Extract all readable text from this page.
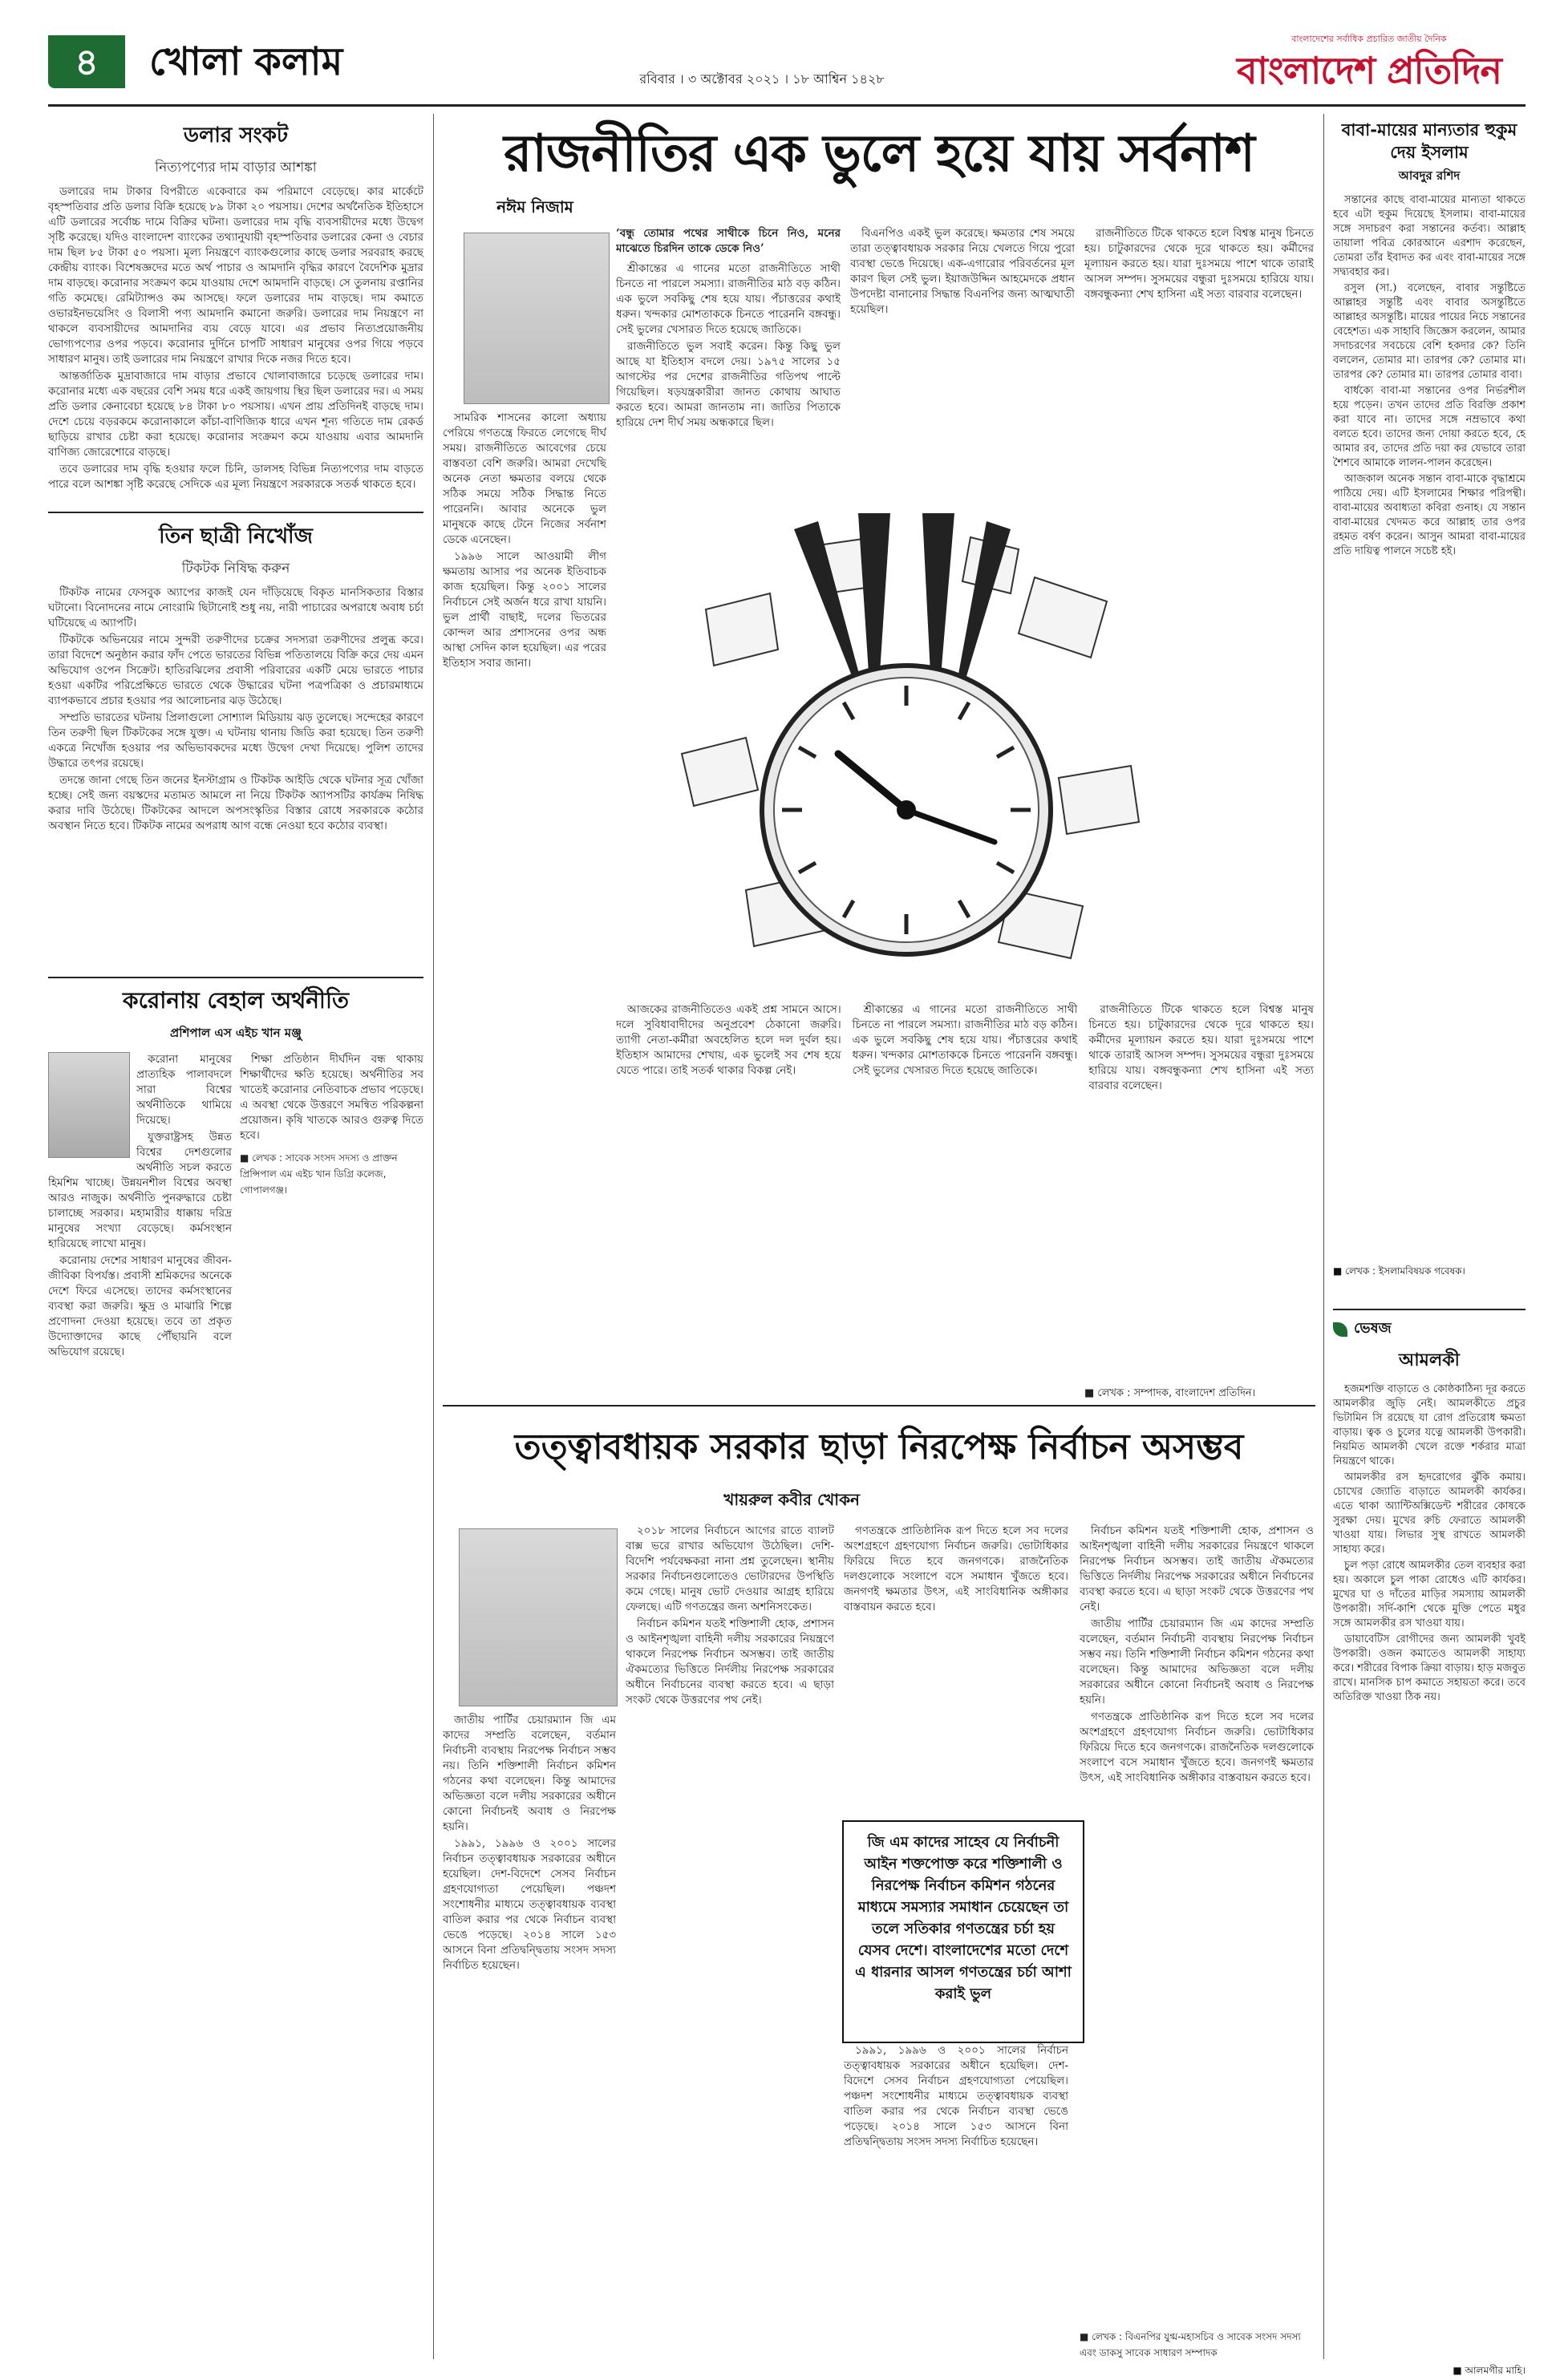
৪	খোলা কলাম	রবিবার । ৩ অক্টোবর ২০২১ । ১৮ আশ্বিন ১৪২৮
বাংলাদেশের সর্বাধিক প্রচারিত জাতীয় দৈনিক
বাংলাদেশ প্রতিদিন
ডলার সংকট
নিত্যপণ্যের দাম বাড়ার আশঙ্কা

ডলারের দাম টাকার বিপরীতে একেবারে কম পরিমাণে বেড়েছে। কার মার্কেটে বৃহস্পতিবার প্রতি ডলার বিক্রি হয়েছে ৮৯ টাকা ২০ পয়সায়। দেশের অর্থনৈতিক ইতিহাসে এটি ডলারের সর্বোচ্চ দামে বিক্রির ঘটনা। ডলারের দাম বৃদ্ধি ব্যবসায়ীদের মধ্যে উদ্বেগ সৃষ্টি করেছে। যদিও বাংলাদেশ ব্যাংকের তথ্যানুযায়ী বৃহস্পতিবার ডলারের কেনা ও বেচার দাম ছিল ৮৫ টাকা ৫০ পয়সা। মূল্য নিয়ন্ত্রণে ব্যাংকগুলোর কাছে ডলার সরবরাহ করছে কেন্দ্রীয় ব্যাংক। বিশেষজ্ঞদের মতে অর্থ পাচার ও আমদানি বৃদ্ধির কারণে বৈদেশিক মুদ্রার দাম বাড়ছে। করোনার সংক্রমণ কমে যাওয়ায় দেশে আমদানি বাড়ছে। সে তুলনায় রপ্তানির গতি কমেছে। রেমিট্যান্সও কম আসছে। ফলে ডলারের দাম বাড়ছে। দাম কমাতে ওভারইনভয়েসিং ও বিলাসী পণ্য আমদানি কমানো জরুরি। ডলারের দাম নিয়ন্ত্রণে না থাকলে ব্যবসায়ীদের আমদানির ব্যয় বেড়ে যাবে। এর প্রভাব নিত্যপ্রয়োজনীয় ভোগ্যপণ্যের ওপর পড়বে। করোনার দুর্দিনে চাপটি সাধারণ মানুষের ওপর গিয়ে পড়বে সাধারণ মানুষ। তাই ডলারের দাম নিয়ন্ত্রণে রাখার দিকে নজর দিতে হবে।

আন্তর্জাতিক মুদ্রাবাজারে দাম বাড়ার প্রভাবে খোলাবাজারে চড়েছে ডলারের দাম। করোনার মধ্যে এক বছরের বেশি সময় ধরে একই জায়গায় স্থির ছিল ডলারের দর। এ সময় প্রতি ডলার কেনাবেচা হয়েছে ৮৪ টাকা ৮০ পয়সায়। এখন প্রায় প্রতিদিনই বাড়ছে দাম। দেশে চেয়ে বড়রকমে করোনাকালে কাঁচা-বাণিজ্যিক ধারে এখন শূন্য গতিতে দাম রেকর্ড ছাড়িয়ে রাখার চেষ্টা করা হয়েছে। করোনার সংক্রমণ কমে যাওয়ায় এবার আমদানি বাণিজ্য জোরেশোরে বাড়ছে।

তবে ডলারের দাম বৃদ্ধি হওয়ার ফলে চিনি, ডালসহ বিভিন্ন নিত্যপণ্যের দাম বাড়তে পারে বলে আশঙ্কা সৃষ্টি করেছে সেদিকে এর মূল্য নিয়ন্ত্রণে সরকারকে সতর্ক থাকতে হবে।

তিন ছাত্রী নিখোঁজ
টিকটক নিষিদ্ধ করুন

টিকটক নামের ফেসবুক অ্যাপের কাজই যেন দাঁড়িয়েছে বিকৃত মানসিকতার বিস্তার ঘটানো। বিনোদনের নামে নোংরামি ছিটানোই শুধু নয়, নারী পাচারের অপরাধে অবাধ চর্চা ঘটিয়েছে এ অ্যাপটি।

টিকটকে অভিনয়ের নামে সুন্দরী তরুণীদের চক্রের সদস্যরা তরুণীদের প্রলুব্ধ করে। তারা বিদেশে অনুষ্ঠান করার ফাঁদ পেতে ভারতের বিভিন্ন পতিতালয়ে বিক্রি করে দেয় এমন অভিযোগ ওপেন সিক্রেট। হাতিরঝিলের প্রবাসী পরিবারের একটি মেয়ে ভারতে পাচার হওয়া একটির পরিপ্রেক্ষিতে ভারতে থেকে উদ্ধারের ঘটনা পত্রপত্রিকা ও প্রচারমাধ্যমে ব্যাপকভাবে প্রচার হওয়ার পর আলোচনার ঝড় উঠেছে।

সম্প্রতি ভারতের ঘটনায় প্রিলাগুলো সোশ্যাল মিডিয়ায় ঝড় তুলেছে। সন্দেহের কারণে তিন তরুণী ছিল টিকটকের সঙ্গে যুক্ত। এ ঘটনায় থানায় জিডি করা হয়েছে। তিন তরুণী একত্রে নিখোঁজ হওয়ার পর অভিভাবকদের মধ্যে উদ্বেগ দেখা দিয়েছে। পুলিশ তাদের উদ্ধারে তৎপর রয়েছে।

তদন্তে জানা গেছে তিন জনের ইনস্টাগ্রাম ও টিকটক আইডি থেকে ঘটনার সূত্র খোঁজা হচ্ছে। সেই জন্য বয়স্কদের মতামত আমলে না নিয়ে টিকটক অ্যাপসটির কার্যক্রম নিষিদ্ধ করার দাবি উঠেছে। টিকটকের আদলে অপসংস্কৃতির বিস্তার রোধে সরকারকে কঠোর অবস্থান নিতে হবে। টিকটক নামের অপরাধ আগ বন্ধে নেওয়া হবে কঠোর ব্যবস্থা।

করোনায় বেহাল অর্থনীতি
প্রশিপাল এস এইচ খান মঞ্জু

করোনা মানুষের প্রাত্যহিক পালাবদলে সারা বিশ্বের অর্থনীতিকে থামিয়ে দিয়েছে।

যুক্তরাষ্ট্রসহ উন্নত বিশ্বের দেশগুলোর অর্থনীতি সচল করতে হিমশিম খাচ্ছে। উন্নয়নশীল বিশ্বের অবস্থা আরও নাজুক। অর্থনীতি পুনরুদ্ধারে চেষ্টা চালাচ্ছে সরকার। মহামারীর ধাক্কায় দরিদ্র মানুষের সংখ্যা বেড়েছে। কর্মসংস্থান হারিয়েছে লাখো মানুষ।

করোনায় দেশের সাধারণ মানুষের জীবন-জীবিকা বিপর্যস্ত। প্রবাসী শ্রমিকদের অনেকে দেশে ফিরে এসেছে। তাদের কর্মসংস্থানের ব্যবস্থা করা জরুরি। ক্ষুদ্র ও মাঝারি শিল্পে প্রণোদনা দেওয়া হয়েছে। তবে তা প্রকৃত উদ্যোক্তাদের কাছে পৌঁছায়নি বলে অভিযোগ রয়েছে।

শিক্ষা প্রতিষ্ঠান দীর্ঘদিন বন্ধ থাকায় শিক্ষার্থীদের ক্ষতি হয়েছে। অর্থনীতির সব খাতেই করোনার নেতিবাচক প্রভাব পড়েছে। এ অবস্থা থেকে উত্তরণে সমন্বিত পরিকল্পনা প্রয়োজন। কৃষি খাতকে আরও গুরুত্ব দিতে হবে।

■ লেখক : সাবেক সংসদ সদস্য ও প্রাক্তন প্রিন্সিপাল এম এইচ খান ডিগ্রি কলেজ, গোপালগঞ্জ।
রাজনীতির এক ভুলে হয়ে যায় সর্বনাশ
নঈম নিজাম
‘বন্ধু তোমার পথের সাথীকে চিনে নিও, মনের মাঝেতে চিরদিন তাকে ডেকে নিও’

শ্রীকান্তের এ গানের মতো রাজনীতিতে সাথী চিনতে না পারলে সমস্যা। রাজনীতির মাঠ বড় কঠিন। এক ভুলে সবকিছু শেষ হয়ে যায়। পঁচাত্তরের কথাই ধরুন। খন্দকার মোশতাককে চিনতে পারেননি বঙ্গবন্ধু। সেই ভুলের খেসারত দিতে হয়েছে জাতিকে।

রাজনীতিতে ভুল সবাই করেন। কিন্তু কিছু ভুল আছে যা ইতিহাস বদলে দেয়। ১৯৭৫ সালের ১৫ আগস্টের পর দেশের রাজনীতির গতিপথ পাল্টে গিয়েছিল। ষড়যন্ত্রকারীরা জানত কোথায় আঘাত করতে হবে। আমরা জানতাম না। জাতির পিতাকে হারিয়ে দেশ দীর্ঘ সময় অন্ধকারে ছিল।

সামরিক শাসনের কালো অধ্যায় পেরিয়ে গণতন্ত্রে ফিরতে লেগেছে দীর্ঘ সময়। রাজনীতিতে আবেগের চেয়ে বাস্তবতা বেশি জরুরি। আমরা দেখেছি অনেক নেতা ক্ষমতার বলয়ে থেকে সঠিক সময়ে সঠিক সিদ্ধান্ত নিতে পারেননি। আবার অনেকে ভুল মানুষকে কাছে টেনে নিজের সর্বনাশ ডেকে এনেছেন।

১৯৯৬ সালে আওয়ামী লীগ ক্ষমতায় আসার পর অনেক ইতিবাচক কাজ হয়েছিল। কিন্তু ২০০১ সালের নির্বাচনে সেই অর্জন ধরে রাখা যায়নি। ভুল প্রার্থী বাছাই, দলের ভিতরের কোন্দল আর প্রশাসনের ওপর অন্ধ আস্থা সেদিন কাল হয়েছিল। এর পরের ইতিহাস সবার জানা।

বিএনপিও একই ভুল করেছে। ক্ষমতার শেষ সময়ে তারা তত্ত্বাবধায়ক সরকার নিয়ে খেলতে গিয়ে পুরো ব্যবস্থা ভেঙে দিয়েছে। এক-এগারোর পরিবর্তনের মূল কারণ ছিল সেই ভুল। ইয়াজউদ্দিন আহমেদকে প্রধান উপদেষ্টা বানানোর সিদ্ধান্ত বিএনপির জন্য আত্মঘাতী হয়েছিল।

রাজনীতিতে টিকে থাকতে হলে বিশ্বস্ত মানুষ চিনতে হয়। চাটুকারদের থেকে দূরে থাকতে হয়। কর্মীদের মূল্যায়ন করতে হয়। যারা দুঃসময়ে পাশে থাকে তারাই আসল সম্পদ। সুসময়ের বন্ধুরা দুঃসময়ে হারিয়ে যায়। বঙ্গবন্ধুকন্যা শেখ হাসিনা এই সত্য বারবার বলেছেন।

আজকের রাজনীতিতেও একই প্রশ্ন সামনে আসে। দলে সুবিধাবাদীদের অনুপ্রবেশ ঠেকানো জরুরি। ত্যাগী নেতা-কর্মীরা অবহেলিত হলে দল দুর্বল হয়। ইতিহাস আমাদের শেখায়, এক ভুলেই সব শেষ হয়ে যেতে পারে। তাই সতর্ক থাকার বিকল্প নেই।

শ্রীকান্তের এ গানের মতো রাজনীতিতে সাথী চিনতে না পারলে সমস্যা। রাজনীতির মাঠ বড় কঠিন। এক ভুলে সবকিছু শেষ হয়ে যায়। পঁচাত্তরের কথাই ধরুন। খন্দকার মোশতাককে চিনতে পারেননি বঙ্গবন্ধু। সেই ভুলের খেসারত দিতে হয়েছে জাতিকে।

রাজনীতিতে টিকে থাকতে হলে বিশ্বস্ত মানুষ চিনতে হয়। চাটুকারদের থেকে দূরে থাকতে হয়। কর্মীদের মূল্যায়ন করতে হয়। যারা দুঃসময়ে পাশে থাকে তারাই আসল সম্পদ। সুসময়ের বন্ধুরা দুঃসময়ে হারিয়ে যায়। বঙ্গবন্ধুকন্যা শেখ হাসিনা এই সত্য বারবার বলেছেন।

■ লেখক : সম্পাদক, বাংলাদেশ প্রতিদিন।
তত্ত্বাবধায়ক সরকার ছাড়া নিরপেক্ষ নির্বাচন অসম্ভব
খায়রুল কবীর খোকন

জাতীয় পার্টির চেয়ারম্যান জি এম কাদের সম্প্রতি বলেছেন, বর্তমান নির্বাচনী ব্যবস্থায় নিরপেক্ষ নির্বাচন সম্ভব নয়। তিনি শক্তিশালী নির্বাচন কমিশন গঠনের কথা বলেছেন। কিন্তু আমাদের অভিজ্ঞতা বলে দলীয় সরকারের অধীনে কোনো নির্বাচনই অবাধ ও নিরপেক্ষ হয়নি।

১৯৯১, ১৯৯৬ ও ২০০১ সালের নির্বাচন তত্ত্বাবধায়ক সরকারের অধীনে হয়েছিল। দেশ-বিদেশে সেসব নির্বাচন গ্রহণযোগ্যতা পেয়েছিল। পঞ্চদশ সংশোধনীর মাধ্যমে তত্ত্বাবধায়ক ব্যবস্থা বাতিল করার পর থেকে নির্বাচন ব্যবস্থা ভেঙে পড়েছে। ২০১৪ সালে ১৫৩ আসনে বিনা প্রতিদ্বন্দ্বিতায় সংসদ সদস্য নির্বাচিত হয়েছেন।

২০১৮ সালের নির্বাচনে আগের রাতে ব্যালট বাক্স ভরে রাখার অভিযোগ উঠেছিল। দেশি-বিদেশি পর্যবেক্ষকরা নানা প্রশ্ন তুলেছেন। স্থানীয় সরকার নির্বাচনগুলোতেও ভোটারদের উপস্থিতি কমে গেছে। মানুষ ভোট দেওয়ার আগ্রহ হারিয়ে ফেলছে। এটি গণতন্ত্রের জন্য অশনিসংকেত।

নির্বাচন কমিশন যতই শক্তিশালী হোক, প্রশাসন ও আইনশৃঙ্খলা বাহিনী দলীয় সরকারের নিয়ন্ত্রণে থাকলে নিরপেক্ষ নির্বাচন অসম্ভব। তাই জাতীয় ঐকমত্যের ভিত্তিতে নির্দলীয় নিরপেক্ষ সরকারের অধীনে নির্বাচনের ব্যবস্থা করতে হবে। এ ছাড়া সংকট থেকে উত্তরণের পথ নেই।

গণতন্ত্রকে প্রাতিষ্ঠানিক রূপ দিতে হলে সব দলের অংশগ্রহণে গ্রহণযোগ্য নির্বাচন জরুরি। ভোটাধিকার ফিরিয়ে দিতে হবে জনগণকে। রাজনৈতিক দলগুলোকে সংলাপে বসে সমাধান খুঁজতে হবে। জনগণই ক্ষমতার উৎস, এই সাংবিধানিক অঙ্গীকার বাস্তবায়ন করতে হবে।

জি এম কাদের সাহেব যে নির্বাচনী আইন শক্তপোক্ত করে শক্তিশালী ও নিরপেক্ষ নির্বাচন কমিশন গঠনের মাধ্যমে সমস্যার সমাধান চেয়েছেন তা তলে সতিকার গণতন্ত্রের চর্চা হয় যেসব দেশে। বাংলাদেশের মতো দেশে এ ধারনার আসল গণতন্ত্রের চর্চা আশা করাই ভুল

১৯৯১, ১৯৯৬ ও ২০০১ সালের নির্বাচন তত্ত্বাবধায়ক সরকারের অধীনে হয়েছিল। দেশ-বিদেশে সেসব নির্বাচন গ্রহণযোগ্যতা পেয়েছিল। পঞ্চদশ সংশোধনীর মাধ্যমে তত্ত্বাবধায়ক ব্যবস্থা বাতিল করার পর থেকে নির্বাচন ব্যবস্থা ভেঙে পড়েছে। ২০১৪ সালে ১৫৩ আসনে বিনা প্রতিদ্বন্দ্বিতায় সংসদ সদস্য নির্বাচিত হয়েছেন।

নির্বাচন কমিশন যতই শক্তিশালী হোক, প্রশাসন ও আইনশৃঙ্খলা বাহিনী দলীয় সরকারের নিয়ন্ত্রণে থাকলে নিরপেক্ষ নির্বাচন অসম্ভব। তাই জাতীয় ঐকমত্যের ভিত্তিতে নির্দলীয় নিরপেক্ষ সরকারের অধীনে নির্বাচনের ব্যবস্থা করতে হবে। এ ছাড়া সংকট থেকে উত্তরণের পথ নেই।

জাতীয় পার্টির চেয়ারম্যান জি এম কাদের সম্প্রতি বলেছেন, বর্তমান নির্বাচনী ব্যবস্থায় নিরপেক্ষ নির্বাচন সম্ভব নয়। তিনি শক্তিশালী নির্বাচন কমিশন গঠনের কথা বলেছেন। কিন্তু আমাদের অভিজ্ঞতা বলে দলীয় সরকারের অধীনে কোনো নির্বাচনই অবাধ ও নিরপেক্ষ হয়নি।

গণতন্ত্রকে প্রাতিষ্ঠানিক রূপ দিতে হলে সব দলের অংশগ্রহণে গ্রহণযোগ্য নির্বাচন জরুরি। ভোটাধিকার ফিরিয়ে দিতে হবে জনগণকে। রাজনৈতিক দলগুলোকে সংলাপে বসে সমাধান খুঁজতে হবে। জনগণই ক্ষমতার উৎস, এই সাংবিধানিক অঙ্গীকার বাস্তবায়ন করতে হবে।

■ লেখক : বিএনপির যুগ্ম-মহাসচিব ও সাবেক সংসদ সদস্য এবং ডাকসু সাবেক সাধারণ সম্পাদক
বাবা-মায়ের মান্যতার হুকুম দেয় ইসলাম
আবদুর রশিদ

সন্তানের কাছে বাবা-মায়ের মান্যতা থাকতে হবে এটা হুকুম দিয়েছে ইসলাম। বাবা-মায়ের সঙ্গে সদাচরণ করা সন্তানের কর্তব্য। আল্লাহ তায়ালা পবিত্র কোরআনে এরশাদ করেছেন, তোমরা তাঁর ইবাদত কর এবং বাবা-মায়ের সঙ্গে সদ্ব্যবহার কর।

রসুল (সা.) বলেছেন, বাবার সন্তুষ্টিতে আল্লাহর সন্তুষ্টি এবং বাবার অসন্তুষ্টিতে আল্লাহর অসন্তুষ্টি। মায়ের পায়ের নিচে সন্তানের বেহেশত। এক সাহাবি জিজ্ঞেস করলেন, আমার সদাচরণের সবচেয়ে বেশি হকদার কে? তিনি বললেন, তোমার মা। তারপর কে? তোমার মা। তারপর কে? তোমার মা। তারপর তোমার বাবা।

বার্ধক্যে বাবা-মা সন্তানের ওপর নির্ভরশীল হয়ে পড়েন। তখন তাদের প্রতি বিরক্তি প্রকাশ করা যাবে না। তাদের সঙ্গে নম্রভাবে কথা বলতে হবে। তাদের জন্য দোয়া করতে হবে, হে আমার রব, তাদের প্রতি দয়া কর যেভাবে তারা শৈশবে আমাকে লালন-পালন করেছেন।

আজকাল অনেক সন্তান বাবা-মাকে বৃদ্ধাশ্রমে পাঠিয়ে দেয়। এটি ইসলামের শিক্ষার পরিপন্থী। বাবা-মায়ের অবাধ্যতা কবিরা গুনাহ। যে সন্তান বাবা-মায়ের খেদমত করে আল্লাহ তার ওপর রহমত বর্ষণ করেন। আসুন আমরা বাবা-মায়ের প্রতি দায়িত্ব পালনে সচেষ্ট হই।

■ লেখক : ইসলামবিষয়ক গবেষক।
ভেষজ
আমলকী

হজমশক্তি বাড়াতে ও কোষ্ঠকাঠিন্য দূর করতে আমলকীর জুড়ি নেই। আমলকীতে প্রচুর ভিটামিন সি রয়েছে যা রোগ প্রতিরোধ ক্ষমতা বাড়ায়। ত্বক ও চুলের যত্নে আমলকী উপকারী। নিয়মিত আমলকী খেলে রক্তে শর্করার মাত্রা নিয়ন্ত্রণে থাকে।

আমলকীর রস হৃদরোগের ঝুঁকি কমায়। চোখের জ্যোতি বাড়াতে আমলকী কার্যকর। এতে থাকা অ্যান্টিঅক্সিডেন্ট শরীরের কোষকে সুরক্ষা দেয়। মুখের রুচি ফেরাতে আমলকী খাওয়া যায়। লিভার সুস্থ রাখতে আমলকী সাহায্য করে।

চুল পড়া রোধে আমলকীর তেল ব্যবহার করা হয়। অকালে চুল পাকা রোধেও এটি কার্যকর। মুখের ঘা ও দাঁতের মাড়ির সমস্যায় আমলকী উপকারী। সর্দি-কাশি থেকে মুক্তি পেতে মধুর সঙ্গে আমলকীর রস খাওয়া যায়।

ডায়াবেটিস রোগীদের জন্য আমলকী খুবই উপকারী। ওজন কমাতেও আমলকী সাহায্য করে। শরীরের বিপাক ক্রিয়া বাড়ায়। হাড় মজবুত রাখে। মানসিক চাপ কমাতে সহায়তা করে। তবে অতিরিক্ত খাওয়া ঠিক নয়।

■ আলমগীর মাহি।
